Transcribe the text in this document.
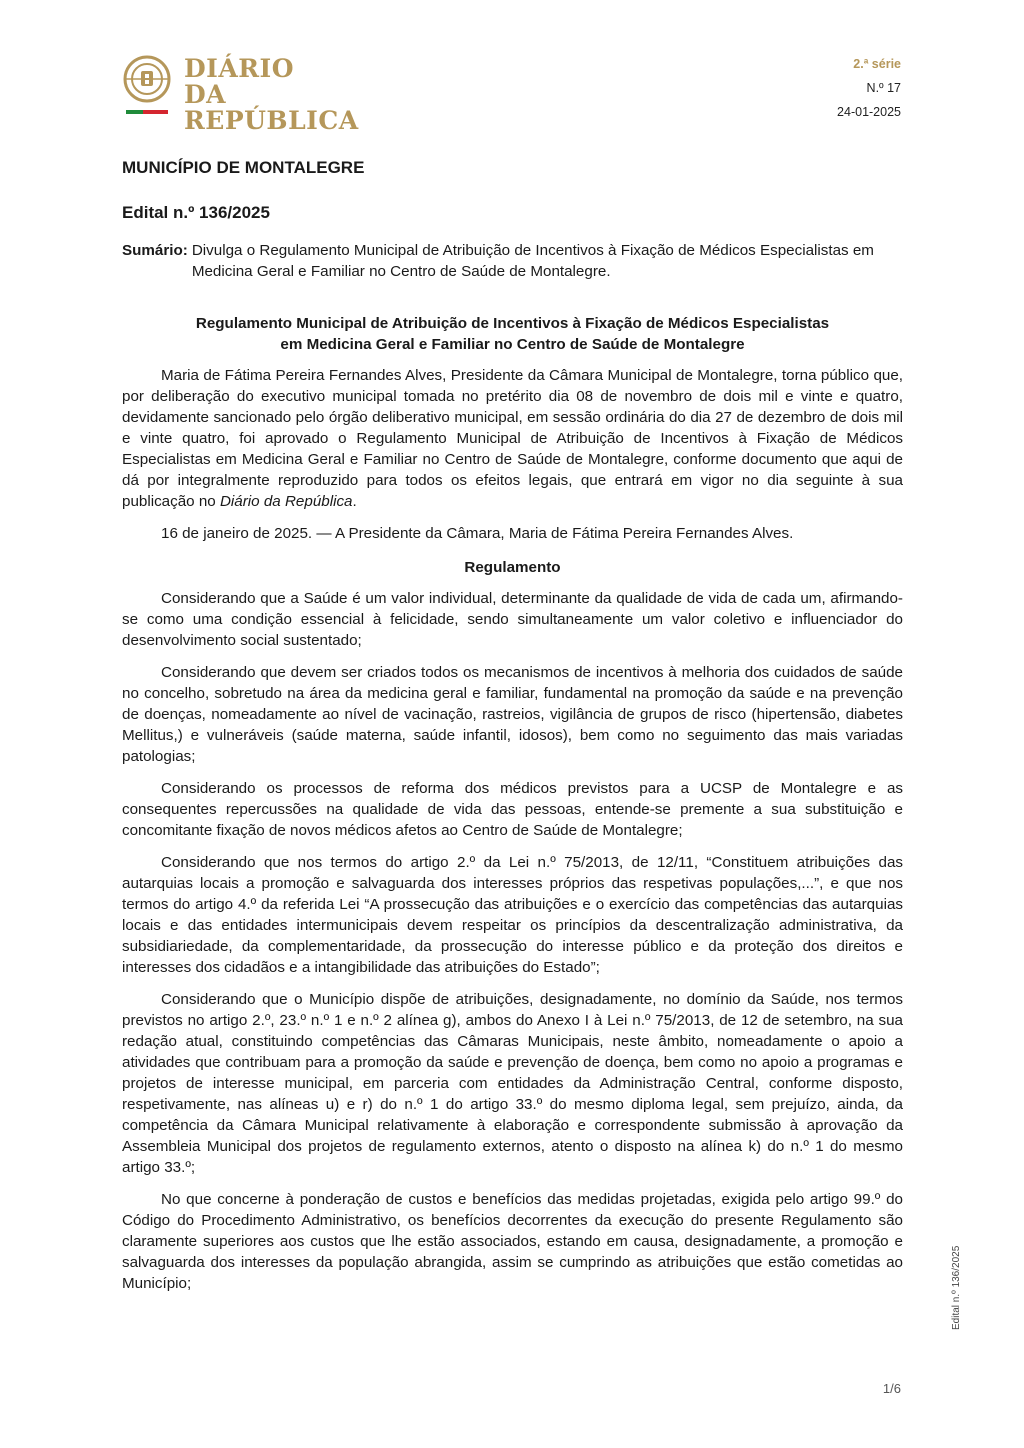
DIÁRIO
DA REPÚBLICA
2.ª série
N.º 17
24-01-2025
MUNICÍPIO DE MONTALEGRE
Edital n.º 136/2025
Sumário: Divulga o Regulamento Municipal de Atribuição de Incentivos à Fixação de Médicos Especialistas em Medicina Geral e Familiar no Centro de Saúde de Montalegre.
Regulamento Municipal de Atribuição de Incentivos à Fixação de Médicos Especialistas
em Medicina Geral e Familiar no Centro de Saúde de Montalegre

Maria de Fátima Pereira Fernandes Alves, Presidente da Câmara Municipal de Montalegre, torna público que, por deliberação do executivo municipal tomada no pretérito dia 08 de novembro de dois mil e vinte e quatro, devidamente sancionado pelo órgão deliberativo municipal, em sessão ordinária do dia 27 de dezembro de dois mil e vinte quatro, foi aprovado o Regulamento Municipal de Atribuição de Incentivos à Fixação de Médicos Especialistas em Medicina Geral e Familiar no Centro de Saúde de Montalegre, conforme documento que aqui de dá por integralmente reproduzido para todos os efeitos legais, que entrará em vigor no dia seguinte à sua publicação no Diário da República.

16 de janeiro de 2025. — A Presidente da Câmara, Maria de Fátima Pereira Fernandes Alves.

Regulamento

Considerando que a Saúde é um valor individual, determinante da qualidade de vida de cada um, afirmando-se como uma condição essencial à felicidade, sendo simultaneamente um valor coletivo e influenciador do desenvolvimento social sustentado;

Considerando que devem ser criados todos os mecanismos de incentivos à melhoria dos cuidados de saúde no concelho, sobretudo na área da medicina geral e familiar, fundamental na promoção da saúde e na prevenção de doenças, nomeadamente ao nível de vacinação, rastreios, vigilância de grupos de risco (hipertensão, diabetes Mellitus,) e vulneráveis (saúde materna, saúde infantil, idosos), bem como no seguimento das mais variadas patologias;

Considerando os processos de reforma dos médicos previstos para a UCSP de Montalegre e as consequentes repercussões na qualidade de vida das pessoas, entende-se premente a sua substituição e concomitante fixação de novos médicos afetos ao Centro de Saúde de Montalegre;

Considerando que nos termos do artigo 2.º da Lei n.º 75/2013, de 12/11, “Constituem atribuições das autarquias locais a promoção e salvaguarda dos interesses próprios das respetivas populações,...”, e que nos termos do artigo 4.º da referida Lei “A prossecução das atribuições e o exercício das competências das autarquias locais e das entidades intermunicipais devem respeitar os princípios da descentralização administrativa, da subsidiariedade, da complementaridade, da prossecução do interesse público e da proteção dos direitos e interesses dos cidadãos e a intangibilidade das atribuições do Estado”;

Considerando que o Município dispõe de atribuições, designadamente, no domínio da Saúde, nos termos previstos no artigo 2.º, 23.º n.º 1 e n.º 2 alínea g), ambos do Anexo I à Lei n.º 75/2013, de 12 de setembro, na sua redação atual, constituindo competências das Câmaras Municipais, neste âmbito, nomeadamente o apoio a atividades que contribuam para a promoção da saúde e prevenção de doença, bem como no apoio a programas e projetos de interesse municipal, em parceria com entidades da Administração Central, conforme disposto, respetivamente, nas alíneas u) e r) do n.º 1 do artigo 33.º do mesmo diploma legal, sem prejuízo, ainda, da competência da Câmara Municipal relativamente à elaboração e correspondente submissão à aprovação da Assembleia Municipal dos projetos de regulamento externos, atento o disposto na alínea k) do n.º 1 do mesmo artigo 33.º;

No que concerne à ponderação de custos e benefícios das medidas projetadas, exigida pelo artigo 99.º do Código do Procedimento Administrativo, os benefícios decorrentes da execução do presente Regulamento são claramente superiores aos custos que lhe estão associados, estando em causa, designadamente, a promoção e salvaguarda dos interesses da população abrangida, assim se cumprindo as atribuições que estão cometidas ao Município;	Edital n.º 136/2025
1/6
